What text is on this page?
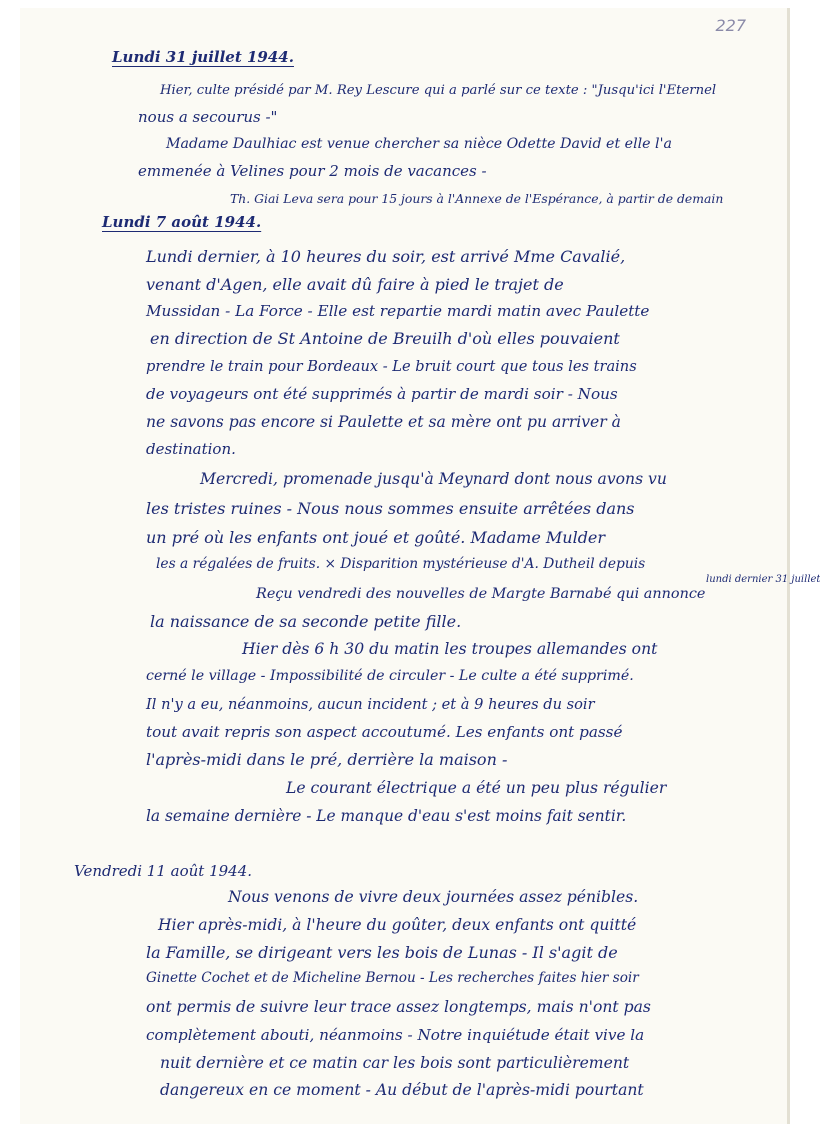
227
Lundi 31 juillet 1944.
Hier, culte présidé par M. Rey Lescure qui a parlé sur ce texte : "Jusqu'ici l'Eternel
nous a secourus -"
Madame Daulhiac est venue chercher sa nièce Odette David et elle l'a
emmenée à Velines pour 2 mois de vacances -
Th. Giai Leva sera pour 15 jours à l'Annexe de l'Espérance, à partir de demain
Lundi 7 août 1944.
Lundi dernier, à 10 heures du soir, est arrivé Mme Cavalié,
venant d'Agen, elle avait dû faire à pied le trajet de
Mussidan - La Force - Elle est repartie mardi matin avec Paulette
en direction de St Antoine de Breuilh d'où elles pouvaient
prendre le train pour Bordeaux - Le bruit court que tous les trains
de voyageurs ont été supprimés à partir de mardi soir - Nous
ne savons pas encore si Paulette et sa mère ont pu arriver à
destination.
Mercredi, promenade jusqu'à Meynard dont nous avons vu
les tristes ruines - Nous nous sommes ensuite arrêtées dans
un pré où les enfants ont joué et goûté. Madame Mulder
les a régalées de fruits. × Disparition mystérieuse d'A. Dutheil depuis
lundi dernier 31 juillet
Reçu vendredi des nouvelles de Margte Barnabé qui annonce
la naissance de sa seconde petite fille.
Hier dès 6 h 30 du matin les troupes allemandes ont
cerné le village - Impossibilité de circuler - Le culte a été supprimé.
Il n'y a eu, néanmoins, aucun incident ; et à 9 heures du soir
tout avait repris son aspect accoutumé. Les enfants ont passé
l'après-midi dans le pré, derrière la maison -
Le courant électrique a été un peu plus régulier
la semaine dernière - Le manque d'eau s'est moins fait sentir.
Vendredi 11 août 1944.
Nous venons de vivre deux journées assez pénibles.
Hier après-midi, à l'heure du goûter, deux enfants ont quitté
la Famille, se dirigeant vers les bois de Lunas - Il s'agit de
Ginette Cochet et de Micheline Bernou - Les recherches faites hier soir
ont permis de suivre leur trace assez longtemps, mais n'ont pas
complètement abouti, néanmoins - Notre inquiétude était vive la
nuit dernière et ce matin car les bois sont particulièrement
dangereux en ce moment - Au début de l'après-midi pourtant
